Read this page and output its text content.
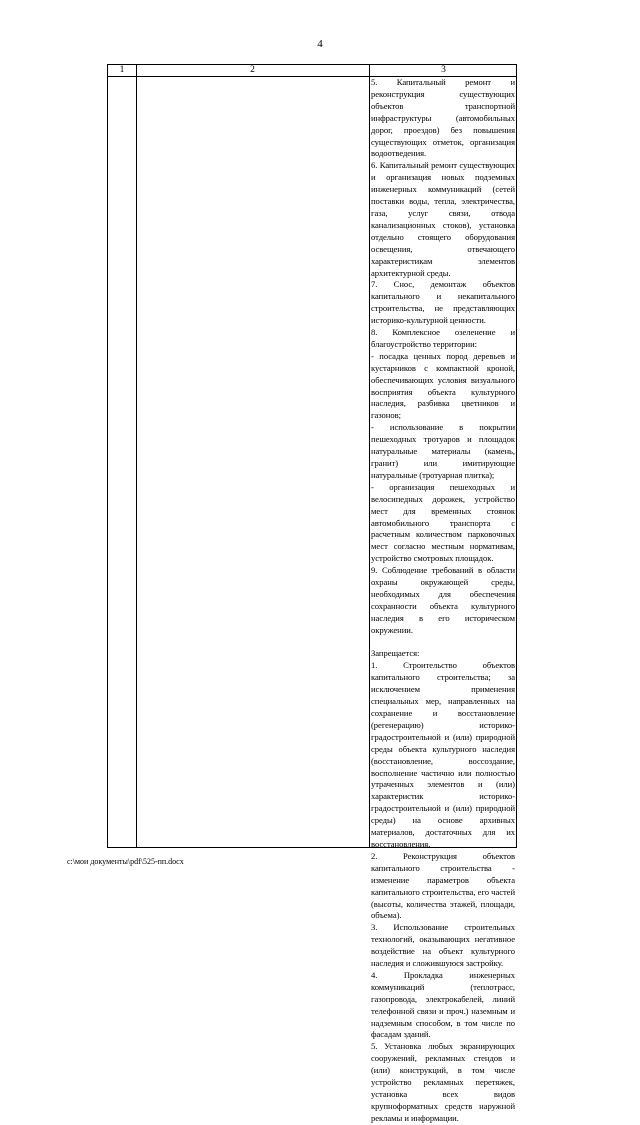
4
1	2	3

5. Капитальный ремонт и реконструкция существующих объектов транспортной инфраструктуры (автомобильных дорог, проездов) без повышения существующих отметок, организация водоотведения.

6. Капитальный ремонт существующих и организация новых подземных инженерных коммуникаций (сетей поставки воды, тепла, электричества, газа, услуг связи, отвода канализационных стоков), установка отдельно стоящего оборудования освещения, отвечающего характеристикам элементов архитектурной среды.

7. Снос, демонтаж объектов капитального и некапитального строительства, не представляющих историко-культурной ценности.

8. Комплексное озеленение и благоустройство территории:

- посадка ценных пород деревьев и кустарников с компактной кроной, обеспечивающих условия визуального восприятия объекта культурного наследия, разбивка цветников и газонов;

- использование в покрытии пешеходных тротуаров и площадок натуральные материалы (камень, гранит) или имитирующие натуральные (тротуарная плитка);

- организация пешеходных и велосипедных дорожек, устройство мест для временных стоянок автомобильного транспорта с расчетным количеством парковочных мест согласно местным нормативам, устройство смотровых площадок.

9. Соблюдение требований в области охраны окружающей среды, необходимых для обеспечения сохранности объекта культурного наследия в его историческом окружении.

Запрещается:

1. Строительство объектов капитального строительства; за исключением применения специальных мер, направленных на сохранение и восстановление (регенерацию) историко-градостроительной и (или) природной среды объекта культурного наследия (восстановление, воссоздание, восполнение частично или полностью утраченных элементов и (или) характеристик историко-градостроительной и (или) природной среды) на основе архивных материалов, достаточных для их восстановления.

2. Реконструкция объектов капитального строительства - изменение параметров объекта капитального строительства, его частей (высоты, количества этажей, площади, объема).

3. Использование строительных технологий, оказывающих негативное воздействие на объект культурного наследия и сложившуюся застройку.

4. Прокладка инженерных коммуникаций (теплотрасс, газопровода, электрокабелей, линий телефонной связи и проч.) наземным и надземным способом, в том числе по фасадам зданий.

5. Установка любых экранирующих сооружений, рекламных стендов и (или) конструкций, в том числе устройство рекламных перетяжек, установка всех видов крупноформатных средств наружной рекламы и информации.

c:\мои документы\pdf\525-пп.docx
